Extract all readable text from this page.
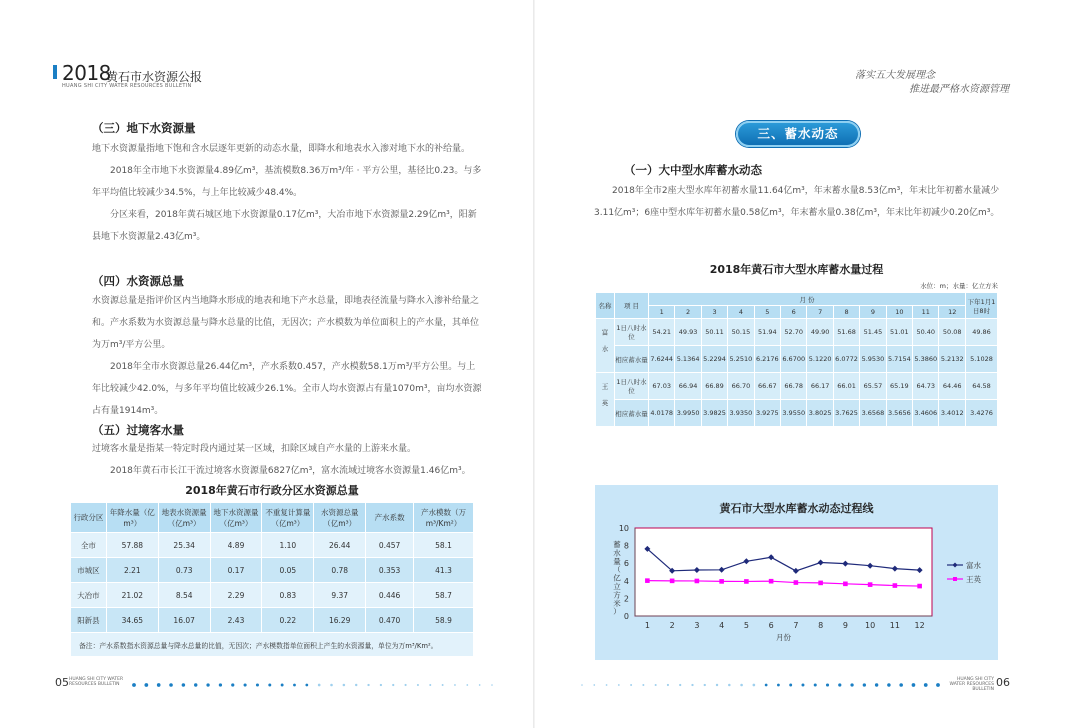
2018
黄石市水资源公报
HUANG SHI CITY WATER RESOURCES BULLETIN
（三）地下水资源量

地下水资源量指地下饱和含水层逐年更新的动态水量，即降水和地表水入渗对地下水的补给量。

2018年全市地下水资源量4.89亿m³，基流模数8.36万m³/年 · 平方公里，基径比0.23。与多年平均值比较减少34.5%，与上年比较减少48.4%。

分区来看，2018年黄石城区地下水资源量0.17亿m³，大冶市地下水资源量2.29亿m³，阳新县地下水资源量2.43亿m³。

（四）水资源总量

水资源总量是指评价区内当地降水形成的地表和地下产水总量，即地表径流量与降水入渗补给量之和。产水系数为水资源总量与降水总量的比值，无因次；产水模数为单位面积上的产水量，其单位为万m³/平方公里。

2018年全市水资源总量26.44亿m³，产水系数0.457，产水模数58.1万m³/平方公里。与上年比较减少42.0%，与多年平均值比较减少26.1%。全市人均水资源占有量1070m³，亩均水资源占有量1914m³。

（五）过境客水量

过境客水量是指某一特定时段内通过某一区域，扣除区域自产水量的上游来水量。

2018年黄石市长江干流过境客水资源量6827亿m³，富水流域过境客水资源量1.46亿m³。

2018年黄石市行政分区水资源总量
行政分区	年降水量（亿m³）	地表水资源量（亿m³）	地下水资源量（亿m³）	不重复计算量（亿m³）	水资源总量（亿m³）	产水系数	产水模数（万m³/Km²）
全市	57.88	25.34	4.89	1.10	26.44	0.457	58.1
市城区	2.21	0.73	0.17	0.05	0.78	0.353	41.3
大冶市	21.02	8.54	2.29	0.83	9.37	0.446	58.7
阳新县	34.65	16.07	2.43	0.22	16.29	0.470	58.9
备注：产水系数指水资源总量与降水总量的比值，无因次；产水模数指单位面积上产生的水资源量，单位为万m³/Km²。							
05 HUANG SHI CITY WATER RESOURCES BULLETIN
落实五大发展理念
推进最严格水资源管理
三、蓄水动态
（一）大中型水库蓄水动态

2018年全市2座大型水库年初蓄水量11.64亿m³，年末蓄水量8.53亿m³，年末比年初蓄水量减少3.11亿m³；6座中型水库年初蓄水量0.58亿m³，年末蓄水量0.38亿m³，年末比年初减少0.20亿m³。

2018年黄石市大型水库蓄水量过程
水位：m；水量：亿立方米
名称	项 目	月 份												下年1月1日8时
		1	2	3	4	5	6	7	8	9	10	11	12	
富水	1日八时水位	54.21	49.93	50.11	50.15	51.94	52.70	49.90	51.68	51.45	51.01	50.40	50.08	49.86
	相应蓄水量	7.6244	5.1364	5.2294	5.2510	6.2176	6.6700	5.1220	6.0772	5.9530	5.7154	5.3860	5.2132	5.1028
王英	1日八时水位	67.03	66.94	66.89	66.70	66.67	66.78	66.17	66.01	65.57	65.19	64.73	64.46	64.58
	相应蓄水量	4.0178	3.9950	3.9825	3.9350	3.9275	3.9550	3.8025	3.7625	3.6568	3.5656	3.4606	3.4012	3.4276
黄石市大型水库蓄水动态过程线
0
2
4
6
8
10
1 2 3 4 5 6 7 8 9 10 11 12
月份
蓄
水
量
（
亿
立
方
米
）
富水
王英
HUANG SHI CITY WATER RESOURCES BULLETIN
06
